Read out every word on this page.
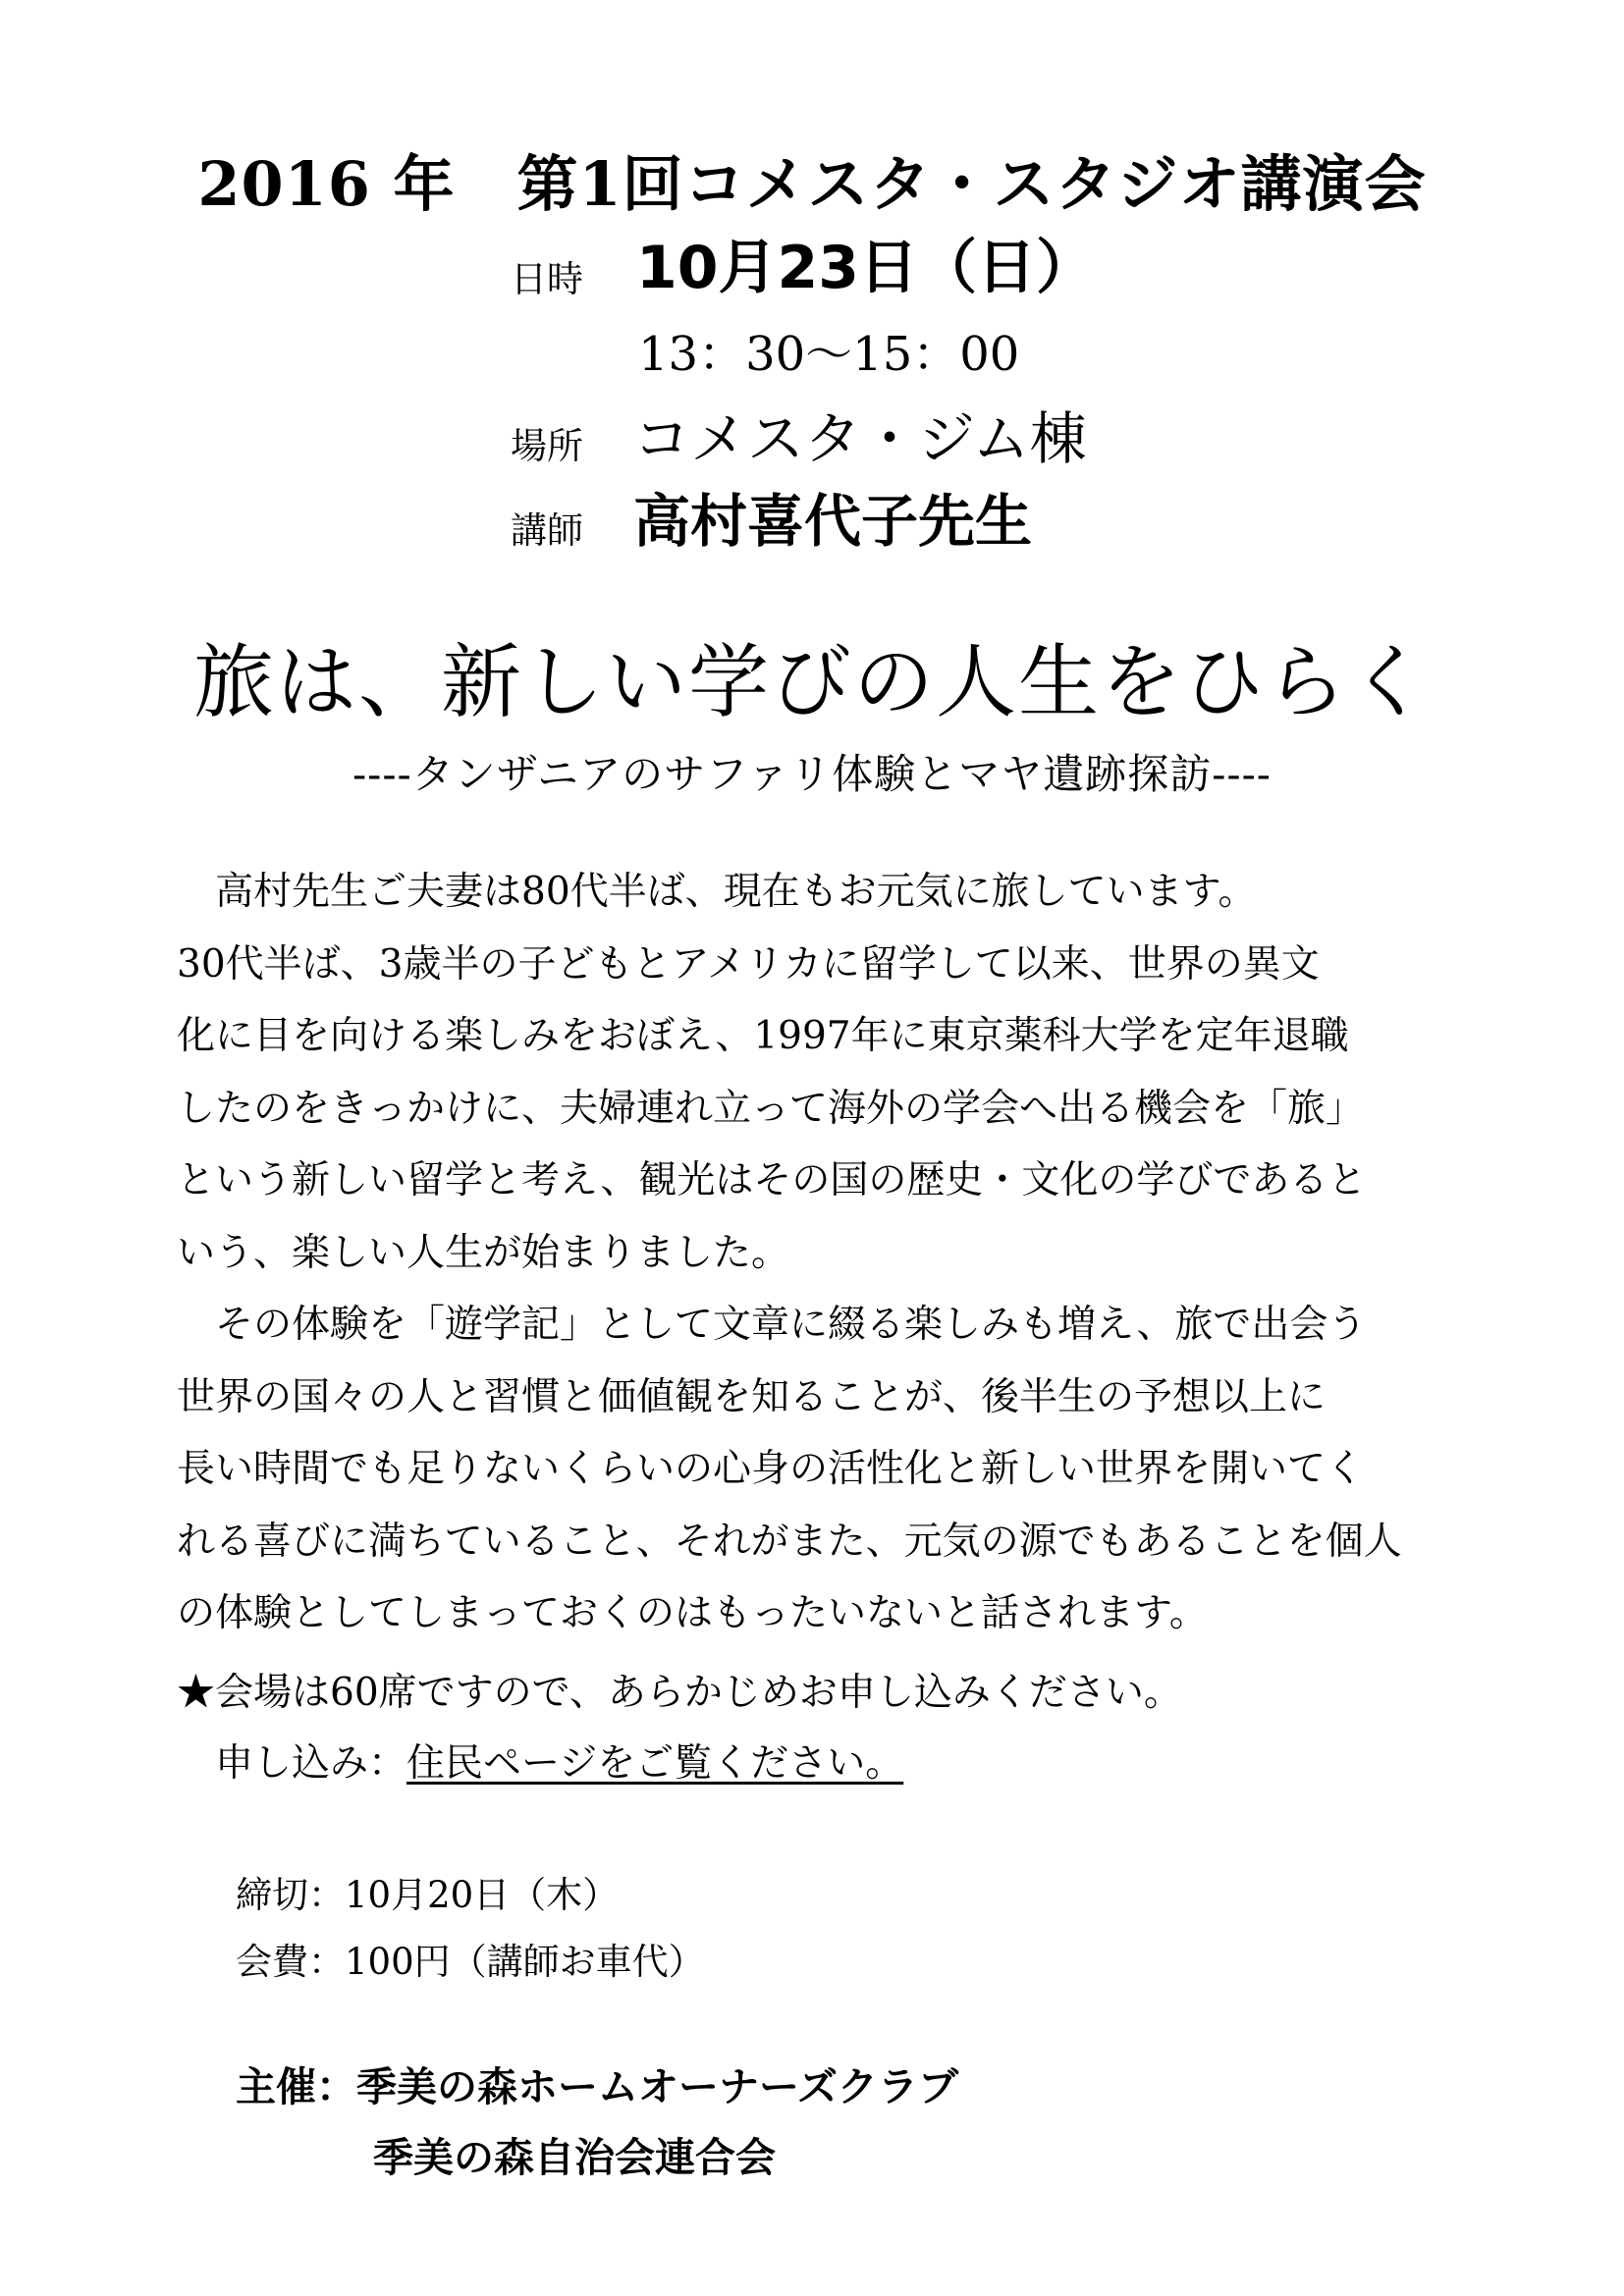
2016 年　第1回コメスタ・スタジオ講演会
日時 10月23日（日）
13：30～15：00
場所 コメスタ・ジム棟
講師 高村喜代子先生
旅は、新しい学びの人生をひらく
----タンザニアのサファリ体験とマヤ遺跡探訪----
　高村先生ご夫妻は80代半ば、現在もお元気に旅しています。
30代半ば、3歳半の子どもとアメリカに留学して以来、世界の異文
化に目を向ける楽しみをおぼえ、1997年に東京薬科大学を定年退職
したのをきっかけに、夫婦連れ立って海外の学会へ出る機会を「旅」
という新しい留学と考え、観光はその国の歴史・文化の学びであると
いう、楽しい人生が始まりました。
　その体験を「遊学記」として文章に綴る楽しみも増え、旅で出会う
世界の国々の人と習慣と価値観を知ることが、後半生の予想以上に
長い時間でも足りないくらいの心身の活性化と新しい世界を開いてく
れる喜びに満ちていること、それがまた、元気の源でもあることを個人
の体験としてしまっておくのはもったいないと話されます。
★会場は60席ですので、あらかじめお申し込みください。
　申し込み：住民ページをご覧ください。
締切：10月20日（木）
会費：100円（講師お車代）
主催：季美の森ホームオーナーズクラブ
季美の森自治会連合会
